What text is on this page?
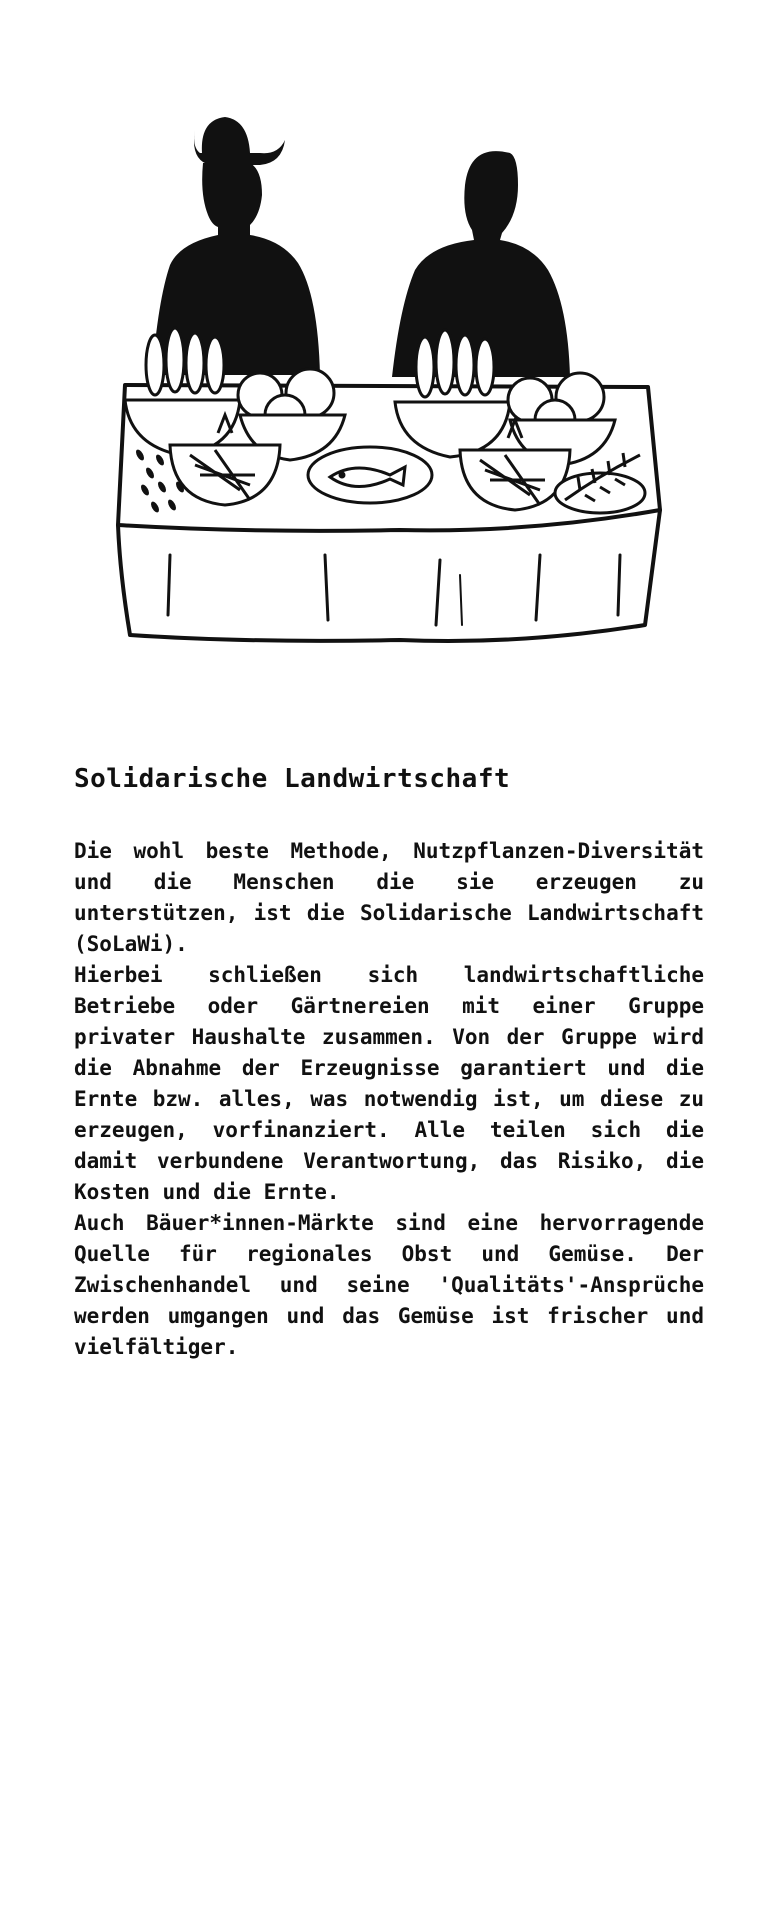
Solidarische Landwirtschaft

Die wohl beste Methode, Nutzpflanzen-Diversität und die Menschen die sie erzeugen zu unterstützen, ist die Solidarische Landwirtschaft (SoLaWi).

Hierbei schließen sich landwirtschaftliche Betriebe oder Gärtnereien mit einer Gruppe privater Haushalte zusammen. Von der Gruppe wird die Abnahme der Erzeugnisse garantiert und die Ernte bzw. alles, was notwendig ist, um diese zu erzeugen, vorfinanziert. Alle teilen sich die damit verbundene Verantwortung, das Risiko, die Kosten und die Ernte.

Auch Bäuer*innen-Märkte sind eine hervorragende Quelle für regionales Obst und Gemüse. Der Zwischenhandel und seine 'Qualitäts'-Ansprüche werden umgangen und das Gemüse ist frischer und vielfältiger.
